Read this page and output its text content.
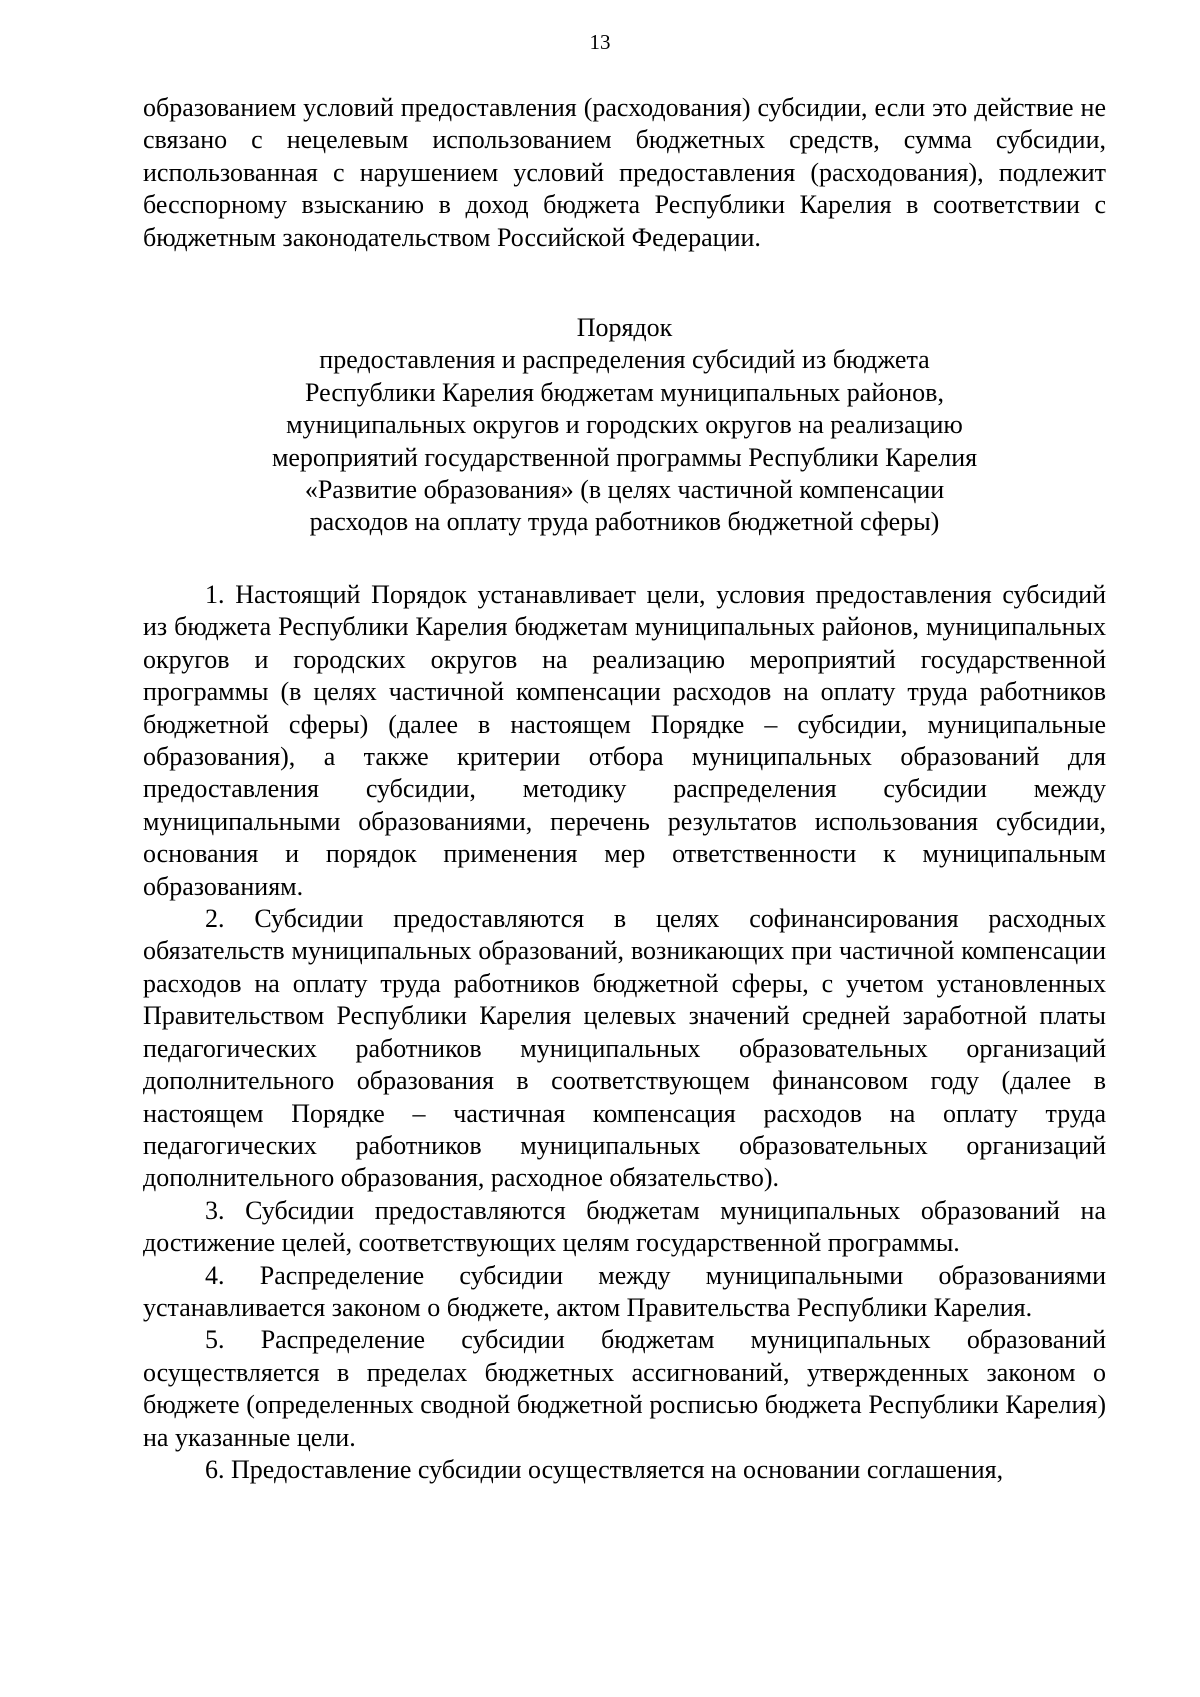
13

образованием условий предоставления (расходования) субсидии, если это действие не связано с нецелевым использованием бюджетных средств, сумма субсидии, использованная с нарушением условий предоставления (расходования), подлежит бесспорному взысканию в доход бюджета Республики Карелия в соответствии с бюджетным законодательством Российской Федерации.

Порядок
предоставления и распределения субсидий из бюджета
Республики Карелия бюджетам муниципальных районов,
муниципальных округов и городских округов на реализацию
мероприятий государственной программы Республики Карелия
«Развитие образования» (в целях частичной компенсации
расходов на оплату труда работников бюджетной сферы)

1. Настоящий Порядок устанавливает цели, условия предоставления субсидий из бюджета Республики Карелия бюджетам муниципальных районов, муниципальных округов и городских округов на реализацию мероприятий государственной программы (в целях частичной компенсации расходов на оплату труда работников бюджетной сферы) (далее в настоящем Порядке – субсидии, муниципальные образования), а также критерии отбора муниципальных образований для предоставления субсидии, методику распределения субсидии между муниципальными образованиями, перечень результатов использования субсидии, основания и порядок применения мер ответственности к муниципальным образованиям.

2. Субсидии предоставляются в целях софинансирования расходных обязательств муниципальных образований, возникающих при частичной компенсации расходов на оплату труда работников бюджетной сферы, с учетом установленных Правительством Республики Карелия целевых значений средней заработной платы педагогических работников муниципальных образовательных организаций дополнительного образования в соответствующем финансовом году (далее в настоящем Порядке – частичная компенсация расходов на оплату труда педагогических работников муниципальных образовательных организаций дополнительного образования, расходное обязательство).

3. Субсидии предоставляются бюджетам муниципальных образований на достижение целей, соответствующих целям государственной программы.

4. Распределение субсидии между муниципальными образованиями устанавливается законом о бюджете, актом Правительства Республики Карелия.

5. Распределение субсидии бюджетам муниципальных образований осуществляется в пределах бюджетных ассигнований, утвержденных законом о бюджете (определенных сводной бюджетной росписью бюджета Республики Карелия) на указанные цели.

6. Предоставление субсидии осуществляется на основании соглашения,
